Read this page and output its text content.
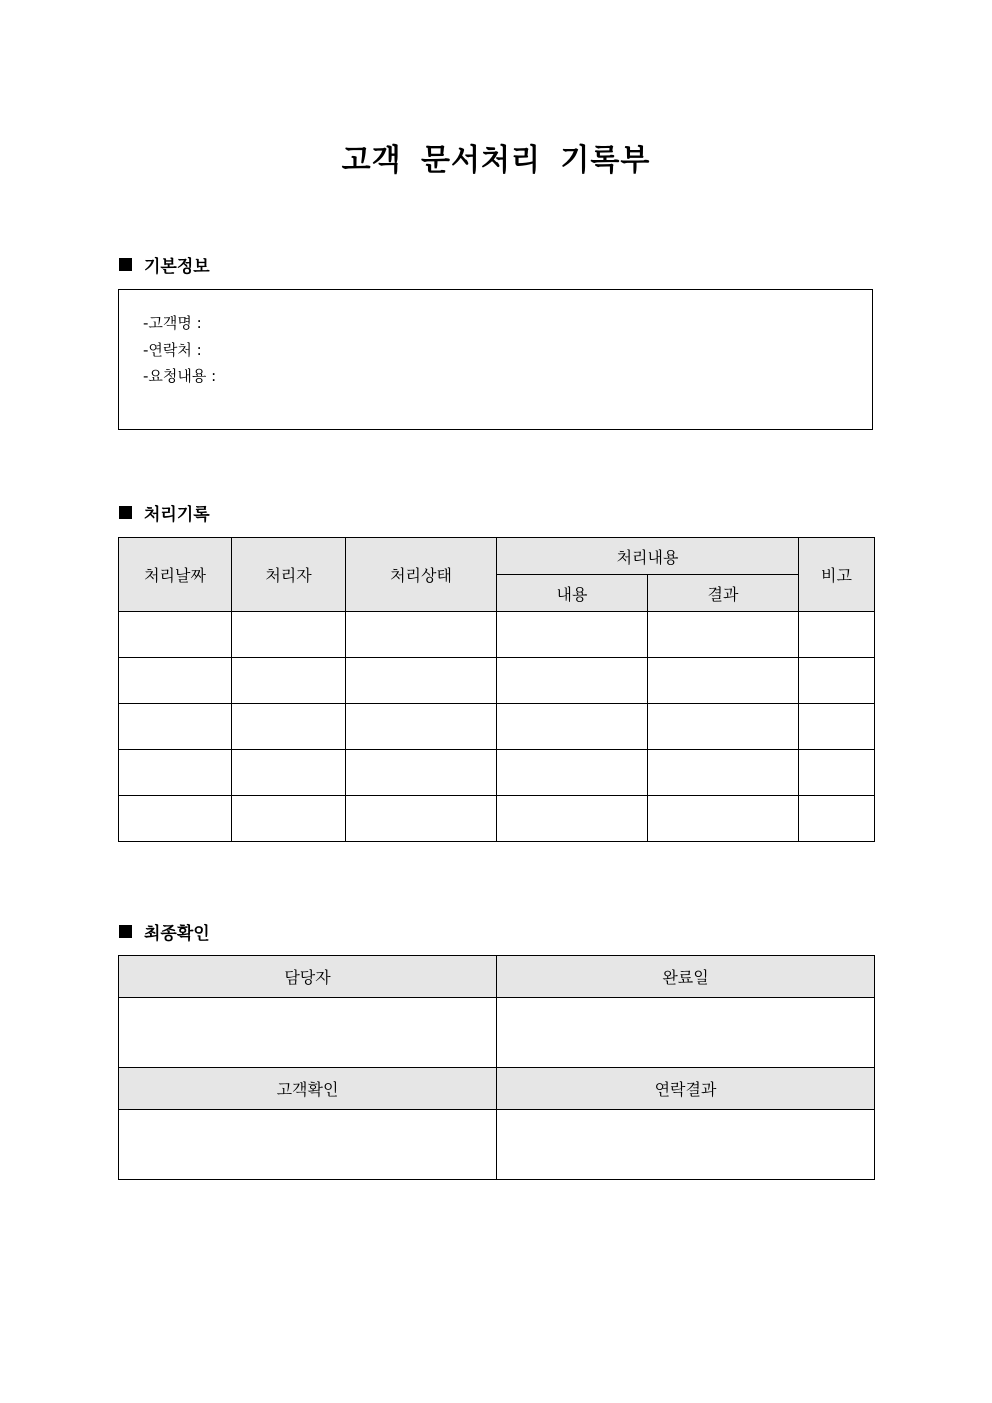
고객 문서처리 기록부
기본정보
-고객명 :
-연락처 :
-요청내용 :
처리기록
처리날짜	처리자	처리상태	처리내용		비고
			내용	결과	

최종확인
담당자	완료일

고객확인	연락결과
